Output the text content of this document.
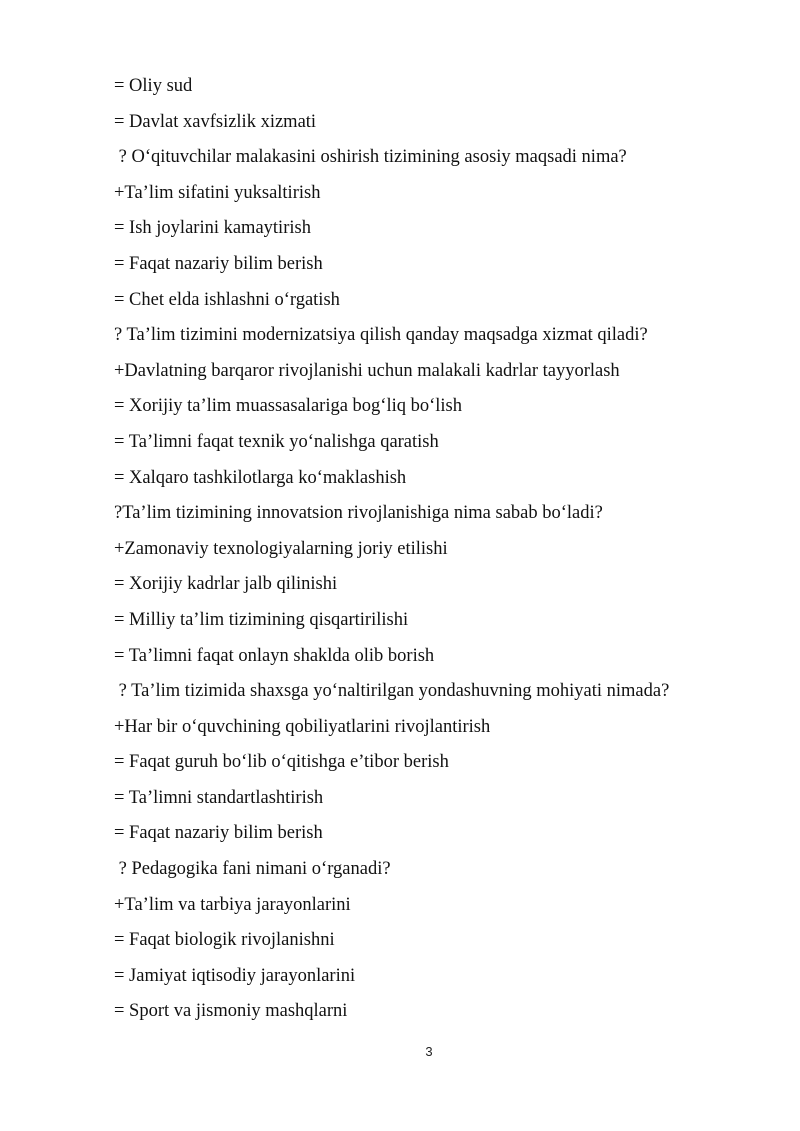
= Oliy sud
= Davlat xavfsizlik xizmati
? O‘qituvchilar malakasini oshirish tizimining asosiy maqsadi nima?
+Ta’lim sifatini yuksaltirish
= Ish joylarini kamaytirish
= Faqat nazariy bilim berish
= Chet elda ishlashni o‘rgatish
? Ta’lim tizimini modernizatsiya qilish qanday maqsadga xizmat qiladi?
+Davlatning barqaror rivojlanishi uchun malakali kadrlar tayyorlash
= Xorijiy ta’lim muassasalariga bog‘liq bo‘lish
= Ta’limni faqat texnik yo‘nalishga qaratish
= Xalqaro tashkilotlarga ko‘maklashish
?Ta’lim tizimining innovatsion rivojlanishiga nima sabab bo‘ladi?
+Zamonaviy texnologiyalarning joriy etilishi
= Xorijiy kadrlar jalb qilinishi
= Milliy ta’lim tizimining qisqartirilishi
= Ta’limni faqat onlayn shaklda olib borish
? Ta’lim tizimida shaxsga yo‘naltirilgan yondashuvning mohiyati nimada?
+Har bir o‘quvchining qobiliyatlarini rivojlantirish
= Faqat guruh bo‘lib o‘qitishga e’tibor berish
= Ta’limni standartlashtirish
= Faqat nazariy bilim berish
? Pedagogika fani nimani o‘rganadi?
+Ta’lim va tarbiya jarayonlarini
= Faqat biologik rivojlanishni
= Jamiyat iqtisodiy jarayonlarini
= Sport va jismoniy mashqlarni
3
